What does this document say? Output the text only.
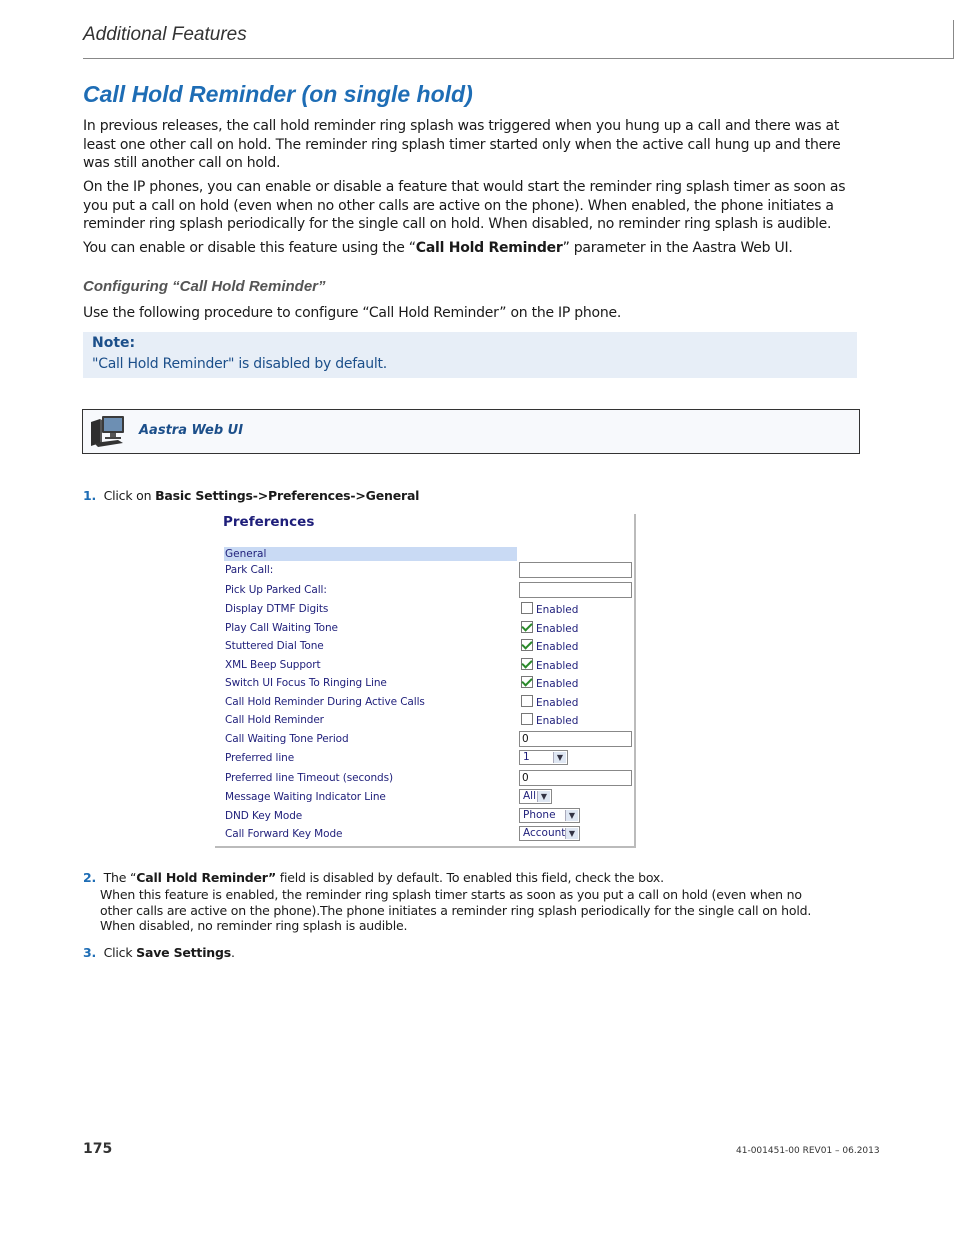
Additional Features
Call Hold Reminder (on single hold)
In previous releases, the call hold reminder ring splash was triggered when you hung up a call and there was at least one other call on hold. The reminder ring splash timer started only when the active call hung up and there was still another call on hold.
On the IP phones, you can enable or disable a feature that would start the reminder ring splash timer as soon as you put a call on hold (even when no other calls are active on the phone). When enabled, the phone initiates a reminder ring splash periodically for the single call on hold. When disabled, no reminder ring splash is audible.
You can enable or disable this feature using the “Call Hold Reminder” parameter in the Aastra Web UI.
Configuring “Call Hold Reminder”
Use the following procedure to configure “Call Hold Reminder” on the IP phone.
Note:
"Call Hold Reminder" is disabled by default.
Aastra Web UI
1. Click on Basic Settings->Preferences->General
Preferences
General
Park Call:
Pick Up Parked Call:
Display DTMF Digits	Enabled
Play Call Waiting Tone	Enabled
Stuttered Dial Tone	Enabled
XML Beep Support	Enabled
Switch UI Focus To Ringing Line	Enabled
Call Hold Reminder During Active Calls	Enabled
Call Hold Reminder	Enabled
Call Waiting Tone Period	0
Preferred line	1	▼
Preferred line Timeout (seconds)	0
Message Waiting Indicator Line	All ▼
DND Key Mode	Phone	▼
Call Forward Key Mode	Account ▼
2. The “Call Hold Reminder” field is disabled by default. To enabled this field, check the box.
When this feature is enabled, the reminder ring splash timer starts as soon as you put a call on hold (even when no
other calls are active on the phone).The phone initiates a reminder ring splash periodically for the single call on hold.
When disabled, no reminder ring splash is audible.
3. Click Save Settings.
175	41-001451-00 REV01 – 06.2013
